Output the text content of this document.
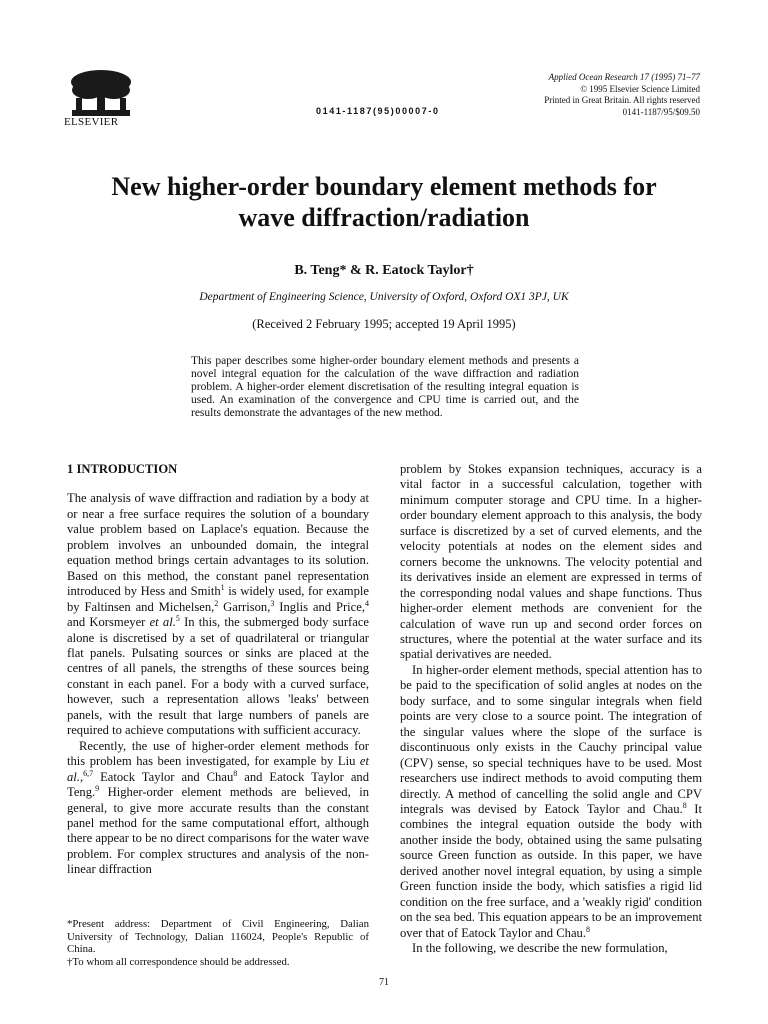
ELSEVIER
0141-1187(95)00007-0
Applied Ocean Research 17 (1995) 71–77
© 1995 Elsevier Science Limited
Printed in Great Britain. All rights reserved
0141-1187/95/$09.50
New higher-order boundary element methods for
wave diffraction/radiation
B. Teng* & R. Eatock Taylor†
Department of Engineering Science, University of Oxford, Oxford OX1 3PJ, UK
(Received 2 February 1995; accepted 19 April 1995)
This paper describes some higher-order boundary element methods and presents a novel integral equation for the calculation of the wave diffraction and radiation problem. A higher-order element discretisation of the resulting integral equation is used. An examination of the convergence and CPU time is carried out, and the results demonstrate the advantages of the new method.
1 INTRODUCTION

The analysis of wave diffraction and radiation by a body at or near a free surface requires the solution of a boundary value problem based on Laplace's equation. Because the problem involves an unbounded domain, the integral equation method brings certain advantages to its solution. Based on this method, the constant panel representation introduced by Hess and Smith$^1$ is widely used, for example by Faltinsen and Michelsen,$^2$ Garrison,$^3$ Inglis and Price,$^4$ and Korsmeyer et al.$^5$ In this, the submerged body surface alone is discretised by a set of quadrilateral or triangular flat panels. Pulsating sources or sinks are placed at the centres of all panels, the strengths of these sources being constant in each panel. For a body with a curved surface, however, such a representation allows 'leaks' between panels, with the result that large numbers of panels are required to achieve computations with sufficient accuracy.

Recently, the use of higher-order element methods for this problem has been investigated, for example by Liu et al.,$^{6,7}$ Eatock Taylor and Chau$^8$ and Eatock Taylor and Teng.$^9$ Higher-order element methods are believed, in general, to give more accurate results than the constant panel method for the same computational effort, although there appear to be no direct comparisons for the water wave problem. For complex structures and analysis of the non-linear diffraction

problem by Stokes expansion techniques, accuracy is a vital factor in a successful calculation, together with minimum computer storage and CPU time. In a higher-order boundary element approach to this analysis, the body surface is discretized by a set of curved elements, and the velocity potentials at nodes on the element sides and corners become the unknowns. The velocity potential and its derivatives inside an element are expressed in terms of the corresponding nodal values and shape functions. Thus higher-order element methods are convenient for the calculation of wave run up and second order forces on structures, where the potential at the water surface and its spatial derivatives are needed.

In higher-order element methods, special attention has to be paid to the specification of solid angles at nodes on the body surface, and to some singular integrals when field points are very close to a source point. The integration of the singular values where the slope of the surface is discontinuous only exists in the Cauchy principal value (CPV) sense, so special techniques have to be used. Most researchers use indirect methods to avoid computing them directly. A method of cancelling the solid angle and CPV integrals was devised by Eatock Taylor and Chau.$^8$ It combines the integral equation outside the body with another inside the body, obtained using the same pulsating source Green function as outside. In this paper, we have derived another novel integral equation, by using a simple Green function inside the body, which satisfies a rigid lid condition on the free surface, and a 'weakly rigid' condition on the sea bed. This equation appears to be an improvement over that of Eatock Taylor and Chau.$^8$

In the following, we describe the new formulation,

*Present address: Department of Civil Engineering, Dalian University of Technology, Dalian 116024, People's Republic of China.

†To whom all correspondence should be addressed.

71
